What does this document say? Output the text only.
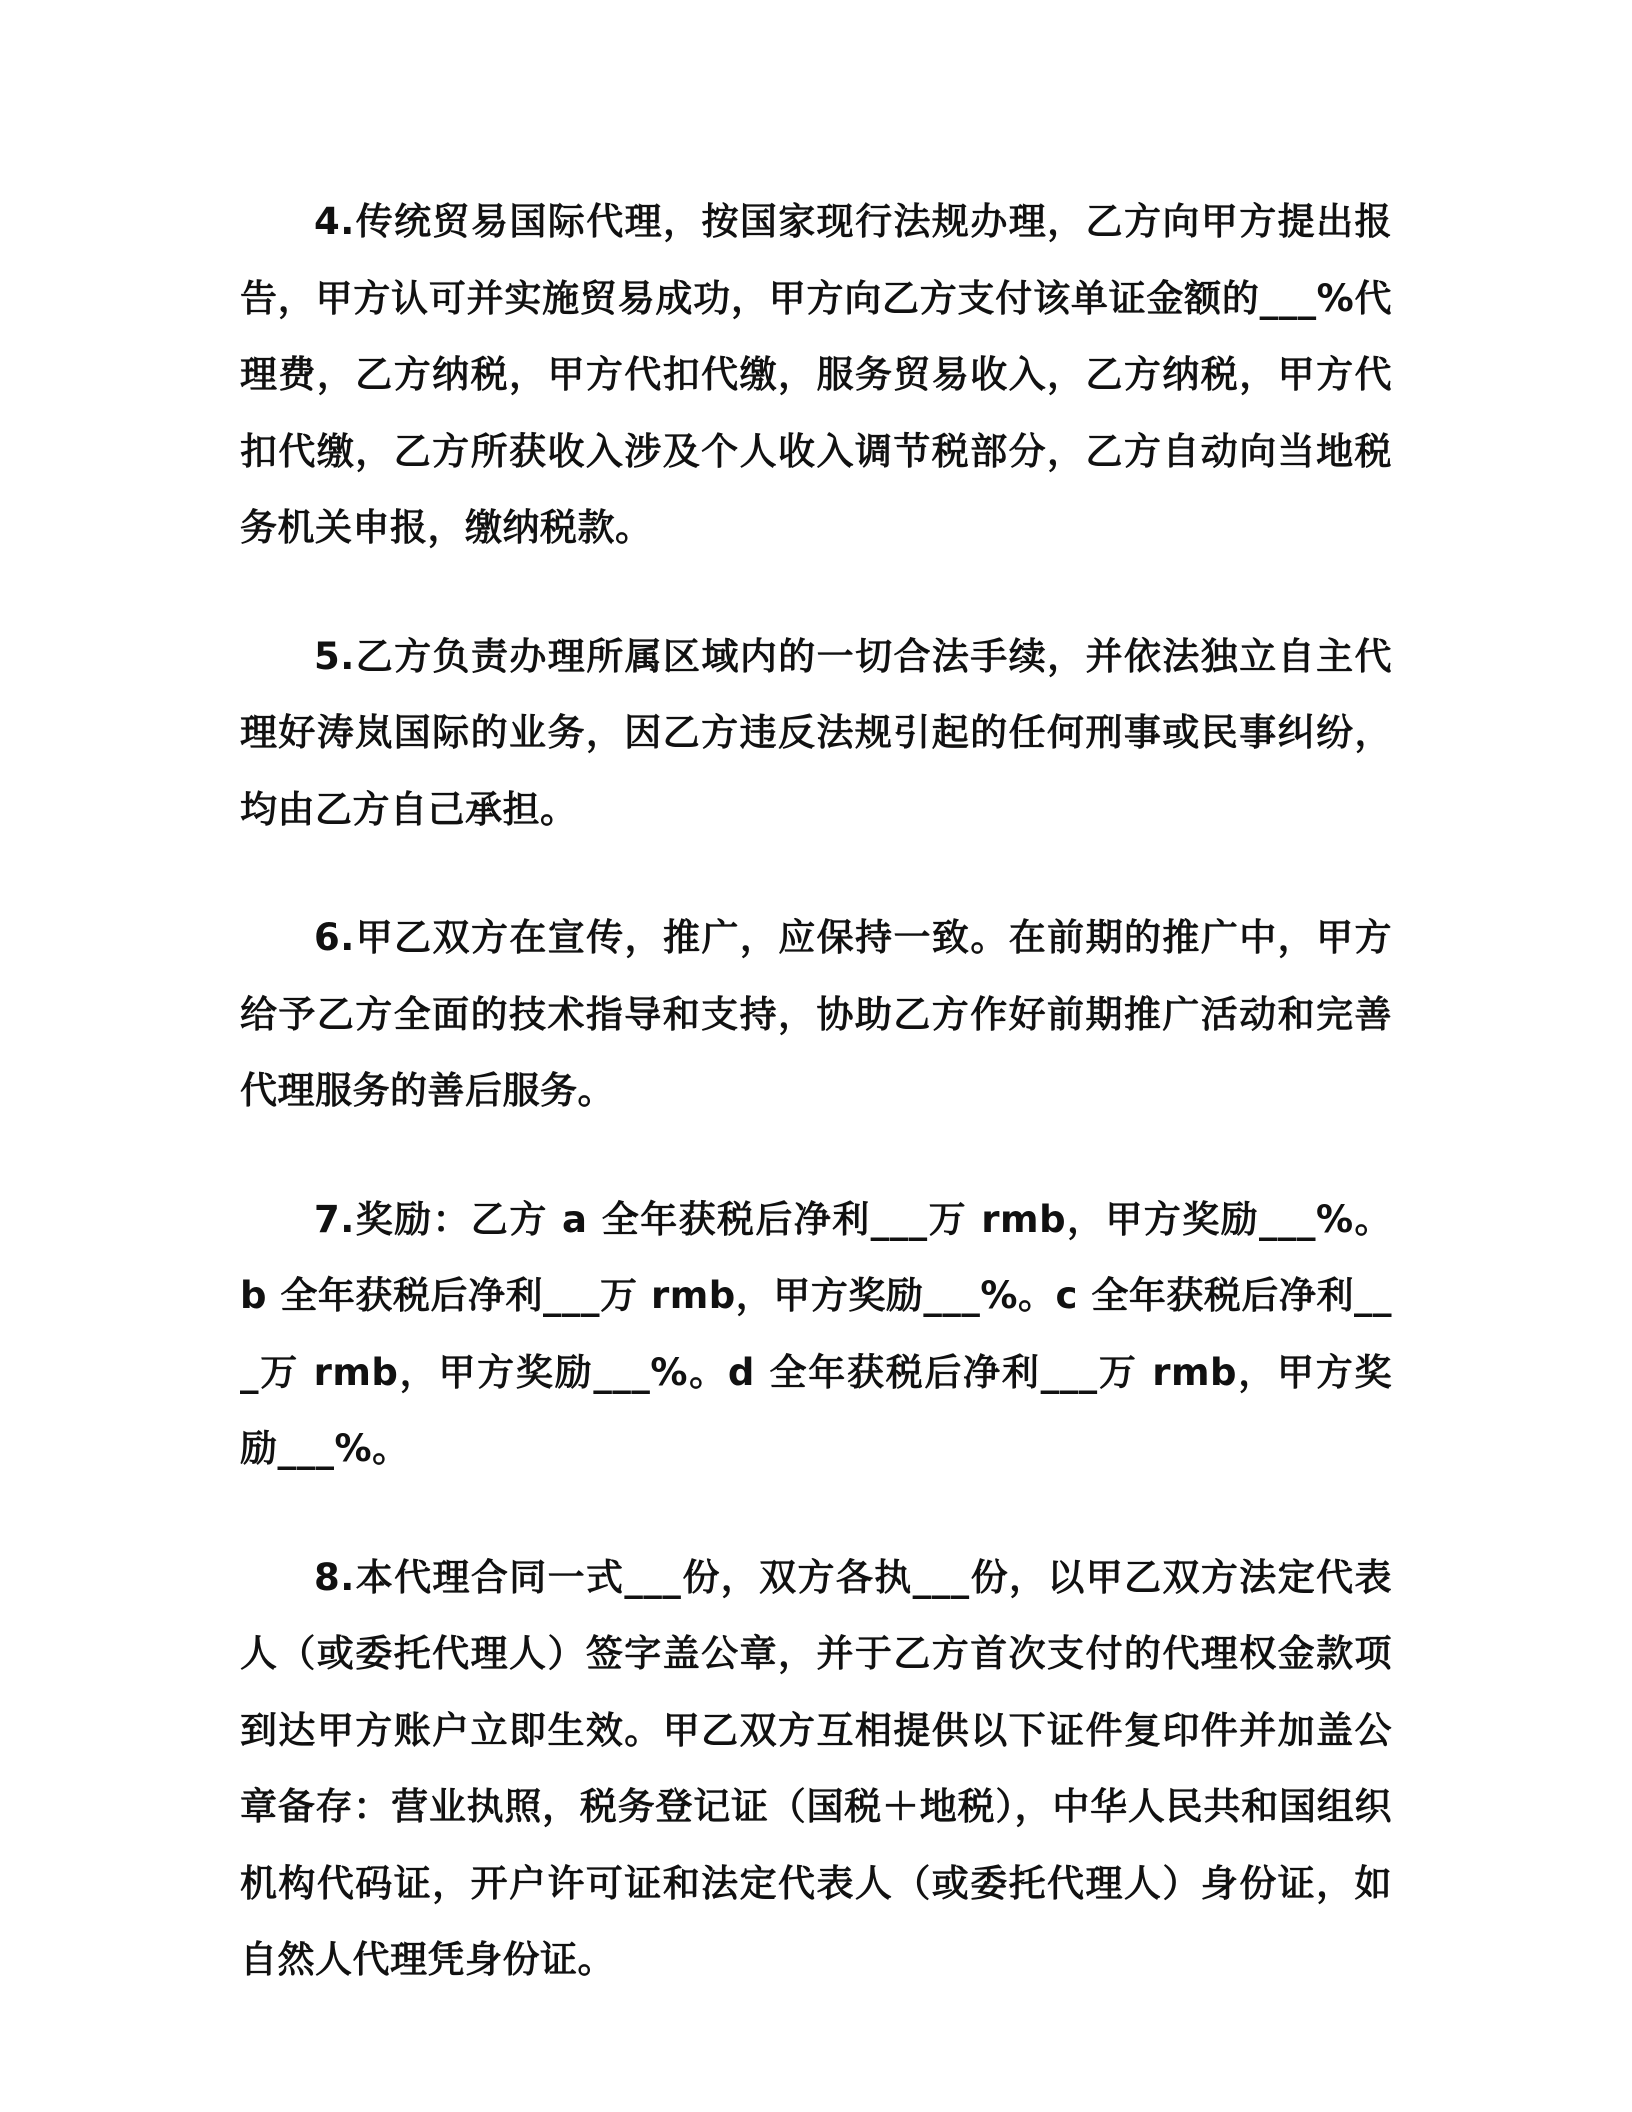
4.传统贸易国际代理，按国家现行法规办理，乙方向甲方提出报告，甲方认可并实施贸易成功，甲方向乙方支付该单证金额的___%代理费，乙方纳税，甲方代扣代缴，服务贸易收入，乙方纳税，甲方代扣代缴，乙方所获收入涉及个人收入调节税部分，乙方自动向当地税务机关申报，缴纳税款。

5.乙方负责办理所属区域内的一切合法手续，并依法独立自主代理好涛岚国际的业务，因乙方违反法规引起的任何刑事或民事纠纷，均由乙方自己承担。

6.甲乙双方在宣传，推广，应保持一致。在前期的推广中，甲方给予乙方全面的技术指导和支持，协助乙方作好前期推广活动和完善代理服务的善后服务。

7.奖励：乙方 a 全年获税后净利___万 rmb，甲方奖励___%。b 全年获税后净利___万 rmb，甲方奖励___%。c 全年获税后净利___万 rmb，甲方奖励___%。d 全年获税后净利___万 rmb，甲方奖励___%。

8.本代理合同一式___份，双方各执___份，以甲乙双方法定代表人（或委托代理人）签字盖公章，并于乙方首次支付的代理权金款项到达甲方账户立即生效。甲乙双方互相提供以下证件复印件并加盖公章备存：营业执照，税务登记证（国税＋地税），中华人民共和国组织机构代码证，开户许可证和法定代表人（或委托代理人）身份证，如自然人代理凭身份证。
